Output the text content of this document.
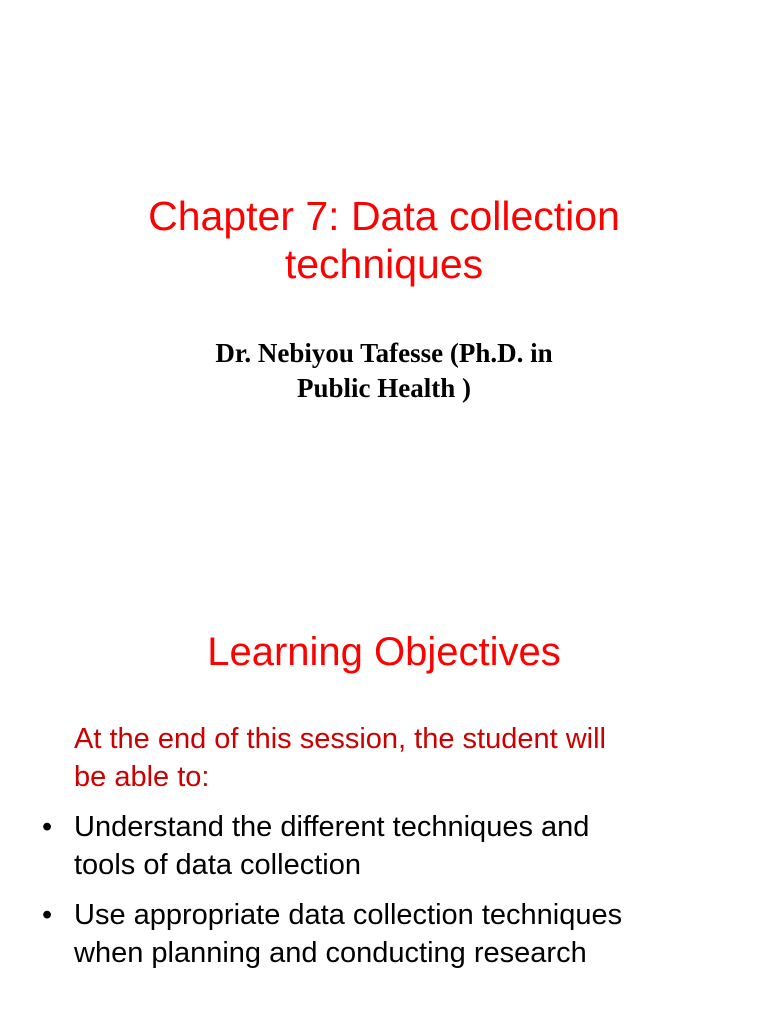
Chapter 7: Data collection
techniques

Dr. Nebiyou Tafesse (Ph.D. in
Public Health )

Learning Objectives

At the end of this session, the student will
be able to:

• Understand the different techniques and
tools of data collection
• Use appropriate data collection techniques
when planning and conducting research
